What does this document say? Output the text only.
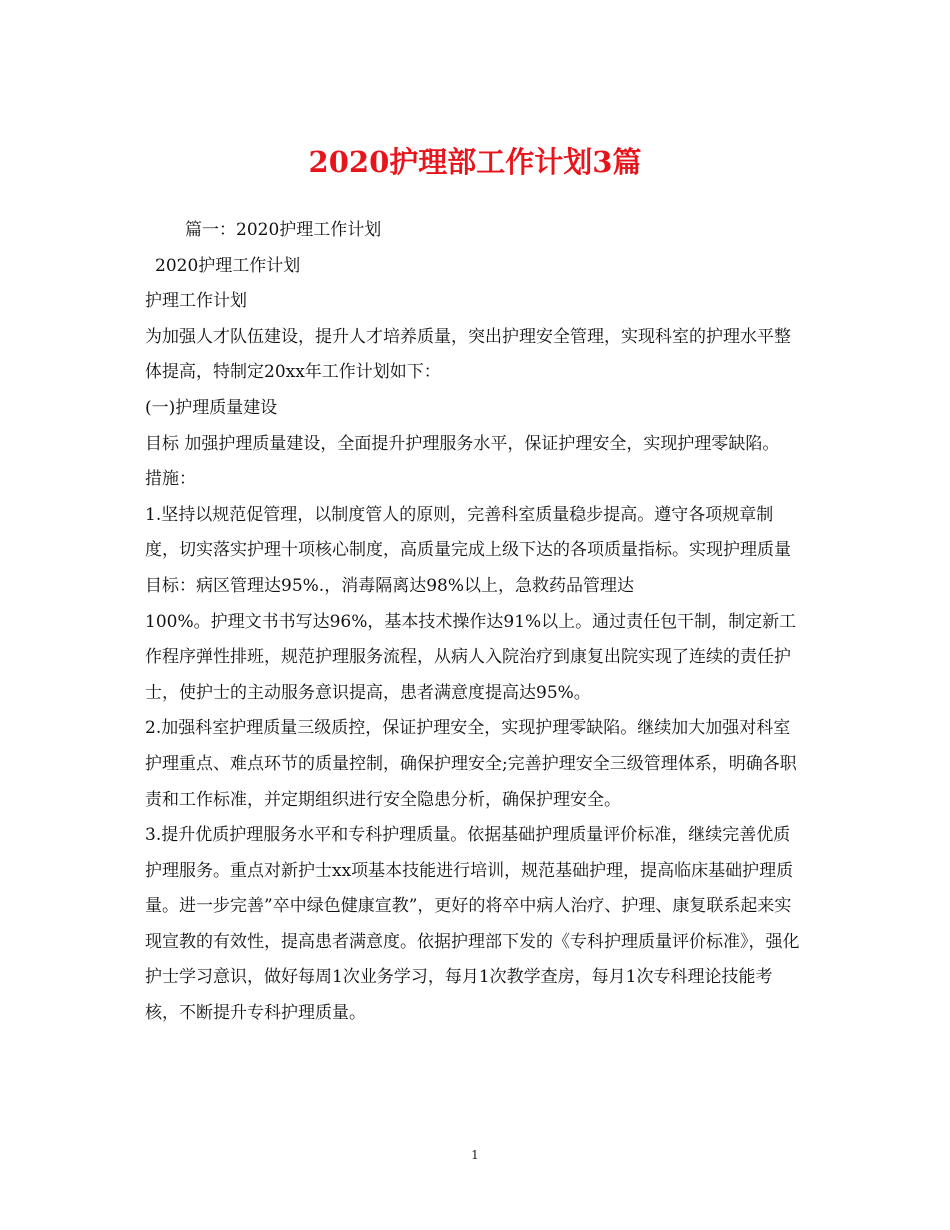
2020护理部工作计划3篇

篇一：2020护理工作计划

2020护理工作计划

护理工作计划

为加强人才队伍建设，提升人才培养质量，突出护理安全管理，实现科室的护理水平整体提高，特制定20xx年工作计划如下：

(一)护理质量建设

目标 加强护理质量建设，全面提升护理服务水平，保证护理安全，实现护理零缺陷。

措施：

1.坚持以规范促管理，以制度管人的原则，完善科室质量稳步提高。遵守各项规章制度，切实落实护理十项核心制度，高质量完成上级下达的各项质量指标。实现护理质量目标：病区管理达95%.，消毒隔离达98%以上，急救药品管理达

100%。护理文书书写达96%，基本技术操作达91%以上。通过责任包干制，制定新工作程序弹性排班，规范护理服务流程，从病人入院治疗到康复出院实现了连续的责任护士，使护士的主动服务意识提高，患者满意度提高达95%。

2.加强科室护理质量三级质控，保证护理安全，实现护理零缺陷。继续加大加强对科室护理重点、难点环节的质量控制，确保护理安全;完善护理安全三级管理体系，明确各职责和工作标准，并定期组织进行安全隐患分析，确保护理安全。

3.提升优质护理服务水平和专科护理质量。依据基础护理质量评价标准，继续完善优质护理服务。重点对新护士xx项基本技能进行培训，规范基础护理，提高临床基础护理质量。进一步完善”卒中绿色健康宣教”，更好的将卒中病人治疗、护理、康复联系起来实现宣教的有效性，提高患者满意度。依据护理部下发的《专科护理质量评价标准》，强化护士学习意识，做好每周1次业务学习，每月1次教学查房，每月1次专科理论技能考核，不断提升专科护理质量。

1
